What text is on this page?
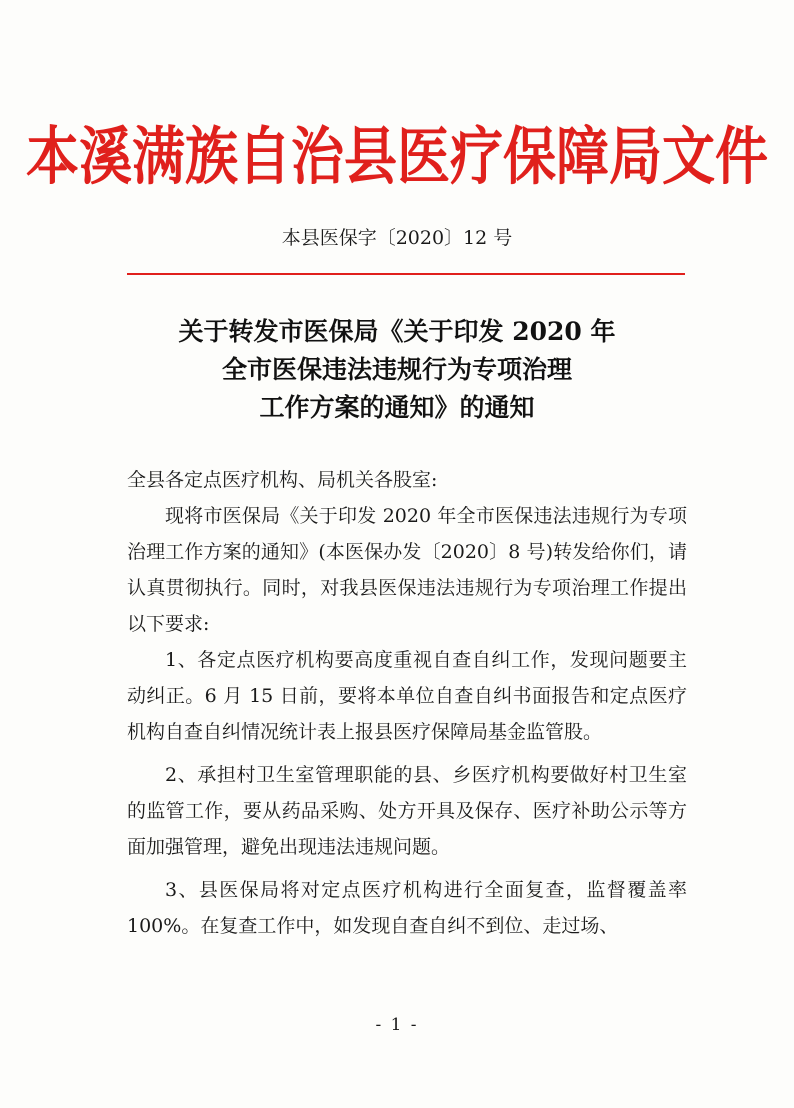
本溪满族自治县医疗保障局文件
本县医保字〔2020〕12 号
关于转发市医保局《关于印发 2020 年
全市医保违法违规行为专项治理
工作方案的通知》的通知

全县各定点医疗机构、局机关各股室:

现将市医保局《关于印发 2020 年全市医保违法违规行为专项治理工作方案的通知》(本医保办发〔2020〕8 号)转发给你们，请认真贯彻执行。同时，对我县医保违法违规行为专项治理工作提出以下要求:

1、各定点医疗机构要高度重视自查自纠工作，发现问题要主动纠正。6 月 15 日前，要将本单位自查自纠书面报告和定点医疗机构自查自纠情况统计表上报县医疗保障局基金监管股。

2、承担村卫生室管理职能的县、乡医疗机构要做好村卫生室的监管工作，要从药品采购、处方开具及保存、医疗补助公示等方面加强管理，避免出现违法违规问题。

3、县医保局将对定点医疗机构进行全面复查，监督覆盖率 100%。在复查工作中，如发现自查自纠不到位、走过场、

- 1 -
